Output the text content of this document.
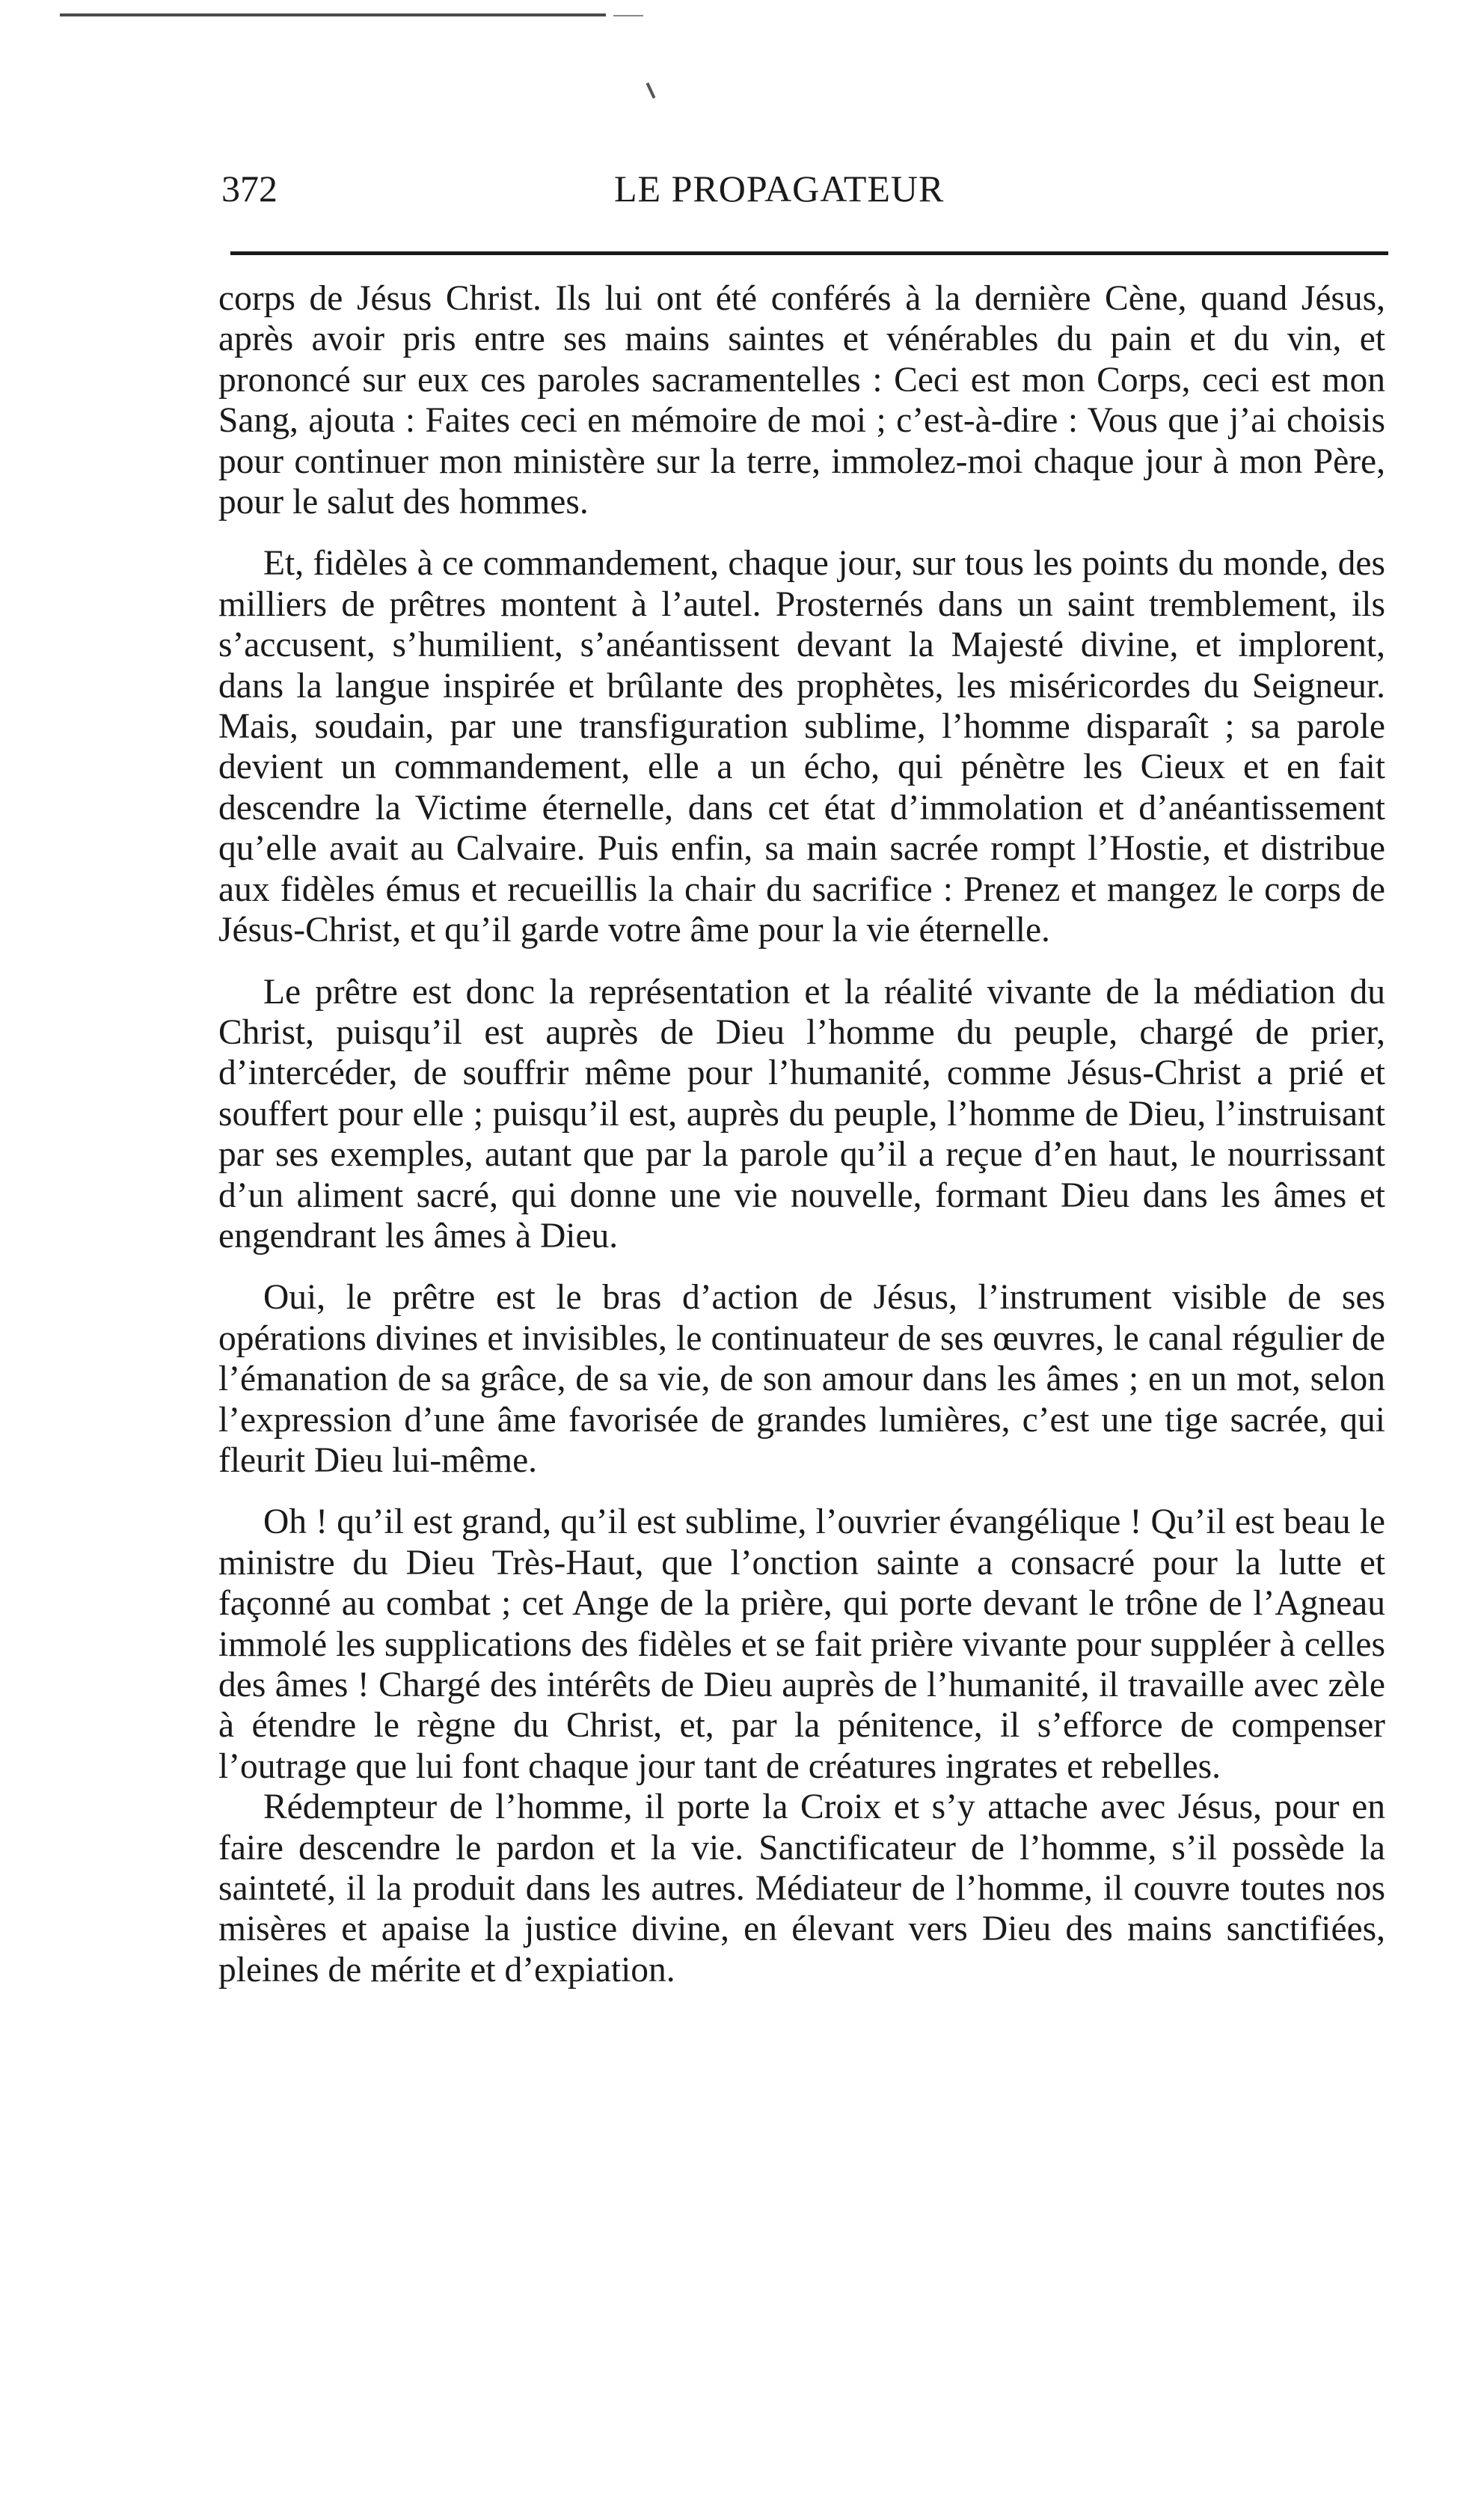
372	LE PROPAGATEUR

corps de Jésus Christ. Ils lui ont été conférés à la dernière Cène, quand Jésus, après avoir pris entre ses mains saintes et vénérables du pain et du vin, et prononcé sur eux ces paroles sacramentelles : Ceci est mon Corps, ceci est mon Sang, ajouta : Faites ceci en mémoire de moi ; c’est-à-dire : Vous que j’ai choisis pour continuer mon ministère sur la terre, immolez-moi chaque jour à mon Père, pour le salut des hommes.

Et, fidèles à ce commandement, chaque jour, sur tous les points du monde, des milliers de prêtres montent à l’autel. Prosternés dans un saint tremblement, ils s’accusent, s’humilient, s’anéantissent devant la Majesté divine, et implorent, dans la langue inspirée et brûlante des prophètes, les miséricordes du Seigneur. Mais, soudain, par une transfiguration sublime, l’homme disparaît ; sa parole devient un commandement, elle a un écho, qui pénètre les Cieux et en fait descendre la Victime éternelle, dans cet état d’immolation et d’anéantissement qu’elle avait au Calvaire. Puis enfin, sa main sacrée rompt l’Hostie, et distribue aux fidèles émus et recueillis la chair du sacrifice : Prenez et mangez le corps de Jésus-Christ, et qu’il garde votre âme pour la vie éternelle.

Le prêtre est donc la représentation et la réalité vivante de la médiation du Christ, puisqu’il est auprès de Dieu l’homme du peuple, chargé de prier, d’intercéder, de souffrir même pour l’humanité, comme Jésus-Christ a prié et souffert pour elle ; puisqu’il est, auprès du peuple, l’homme de Dieu, l’instruisant par ses exemples, autant que par la parole qu’il a reçue d’en haut, le nourrissant d’un aliment sacré, qui donne une vie nouvelle, formant Dieu dans les âmes et engendrant les âmes à Dieu.

Oui, le prêtre est le bras d’action de Jésus, l’instrument visible de ses opérations divines et invisibles, le continuateur de ses œuvres, le canal régulier de l’émanation de sa grâce, de sa vie, de son amour dans les âmes ; en un mot, selon l’expression d’une âme favorisée de grandes lumières, c’est une tige sacrée, qui fleurit Dieu lui-même.

Oh ! qu’il est grand, qu’il est sublime, l’ouvrier évangélique ! Qu’il est beau le ministre du Dieu Très-Haut, que l’onction sainte a consacré pour la lutte et façonné au combat ; cet Ange de la prière, qui porte devant le trône de l’Agneau immolé les supplications des fidèles et se fait prière vivante pour suppléer à celles des âmes ! Chargé des intérêts de Dieu auprès de l’humanité, il travaille avec zèle à étendre le règne du Christ, et, par la pénitence, il s’efforce de compenser l’outrage que lui font chaque jour tant de créatures ingrates et rebelles.

Rédempteur de l’homme, il porte la Croix et s’y attache avec Jésus, pour en faire descendre le pardon et la vie. Sanctificateur de l’homme, s’il possède la sainteté, il la produit dans les autres. Médiateur de l’homme, il couvre toutes nos misères et apaise la justice divine, en élevant vers Dieu des mains sanctifiées, pleines de mérite et d’expiation.
